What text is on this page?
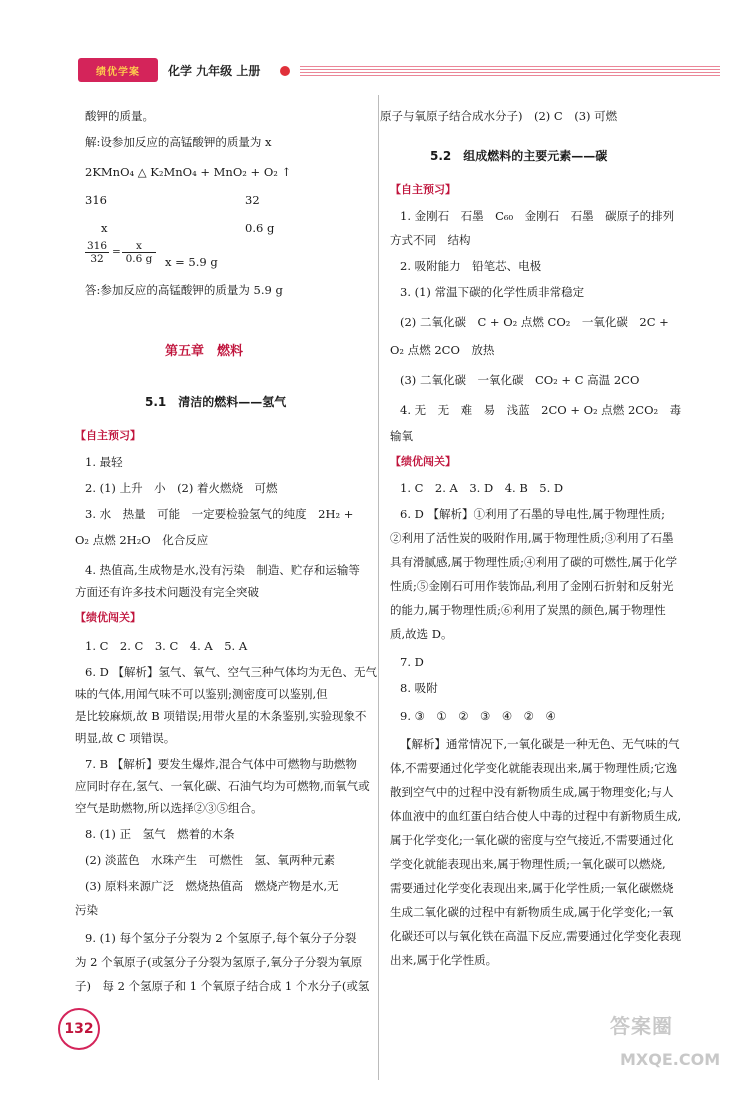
绩优学案	化学 九年级 上册
酸钾的质量。
解:设参加反应的高锰酸钾的质量为 x
2KMnO₄ △ K₂MnO₄ + MnO₂ + O₂ ↑
316	32
x	0.6 g
x = 5.9 g
答:参加反应的高锰酸钾的质量为 5.9 g
第五章　燃料
5.1　清洁的燃料——氢气
【自主预习】
1. 最轻
2. (1) 上升　小　(2) 着火燃烧　可燃
3. 水　热量　可能　一定要检验氢气的纯度　2H₂ +
O₂ 点燃 2H₂O　化合反应
4. 热值高,生成物是水,没有污染　制造、贮存和运输等
方面还有许多技术问题没有完全突破
【绩优闯关】
1. C　2. C　3. C　4. A　5. A
6. D 【解析】氢气、氧气、空气三种气体均为无色、无气
味的气体,用闻气味不可以鉴别;测密度可以鉴别,但
是比较麻烦,故 B 项错误;用带火星的木条鉴别,实验现象不
明显,故 C 项错误。
7. B 【解析】要发生爆炸,混合气体中可燃物与助燃物
应同时存在,氢气、一氧化碳、石油气均为可燃物,而氧气或
空气是助燃物,所以选择②③⑤组合。
8. (1) 正　氢气　燃着的木条
(2) 淡蓝色　水珠产生　可燃性　氢、氧两种元素
(3) 原料来源广泛　燃烧热值高　燃烧产物是水,无
污染
9. (1) 每个氢分子分裂为 2 个氢原子,每个氧分子分裂
为 2 个氧原子(或氢分子分裂为氢原子,氧分子分裂为氧原
子)　每 2 个氢原子和 1 个氧原子结合成 1 个水分子(或氢
$\frac{316}{32} = \frac{x}{0.6 g}$
原子与氧原子结合成水分子)　(2) C　(3) 可燃
5.2　组成燃料的主要元素——碳
【自主预习】
1. 金刚石　石墨　C₆₀　金刚石　石墨　碳原子的排列
方式不同　结构
2. 吸附能力　铅笔芯、电极
3. (1) 常温下碳的化学性质非常稳定
(2) 二氧化碳　C + O₂ 点燃 CO₂　一氧化碳　2C +
O₂ 点燃 2CO　放热
(3) 二氧化碳　一氧化碳　CO₂ + C 高温 2CO
4. 无　无　难　易　浅蓝　2CO + O₂ 点燃 2CO₂　毒
输氧
【绩优闯关】
1. C　2. A　3. D　4. B　5. D
6. D 【解析】①利用了石墨的导电性,属于物理性质;
②利用了活性炭的吸附作用,属于物理性质;③利用了石墨
具有滑腻感,属于物理性质;④利用了碳的可燃性,属于化学
性质;⑤金刚石可用作装饰品,利用了金刚石折射和反射光
的能力,属于物理性质;⑥利用了炭黑的颜色,属于物理性
质,故选 D。
7. D
8. 吸附
9. ③　①　②　③　④　②　④
【解析】通常情况下,一氧化碳是一种无色、无气味的气
体,不需要通过化学变化就能表现出来,属于物理性质;它逸
散到空气中的过程中没有新物质生成,属于物理变化;与人
体血液中的血红蛋白结合使人中毒的过程中有新物质生成,
属于化学变化;一氧化碳的密度与空气接近,不需要通过化
学变化就能表现出来,属于物理性质;一氧化碳可以燃烧,
需要通过化学变化表现出来,属于化学性质;一氧化碳燃烧
生成二氧化碳的过程中有新物质生成,属于化学变化;一氧
化碳还可以与氧化铁在高温下反应,需要通过化学变化表现
出来,属于化学性质。
132	答案圈
MXQE.COM
